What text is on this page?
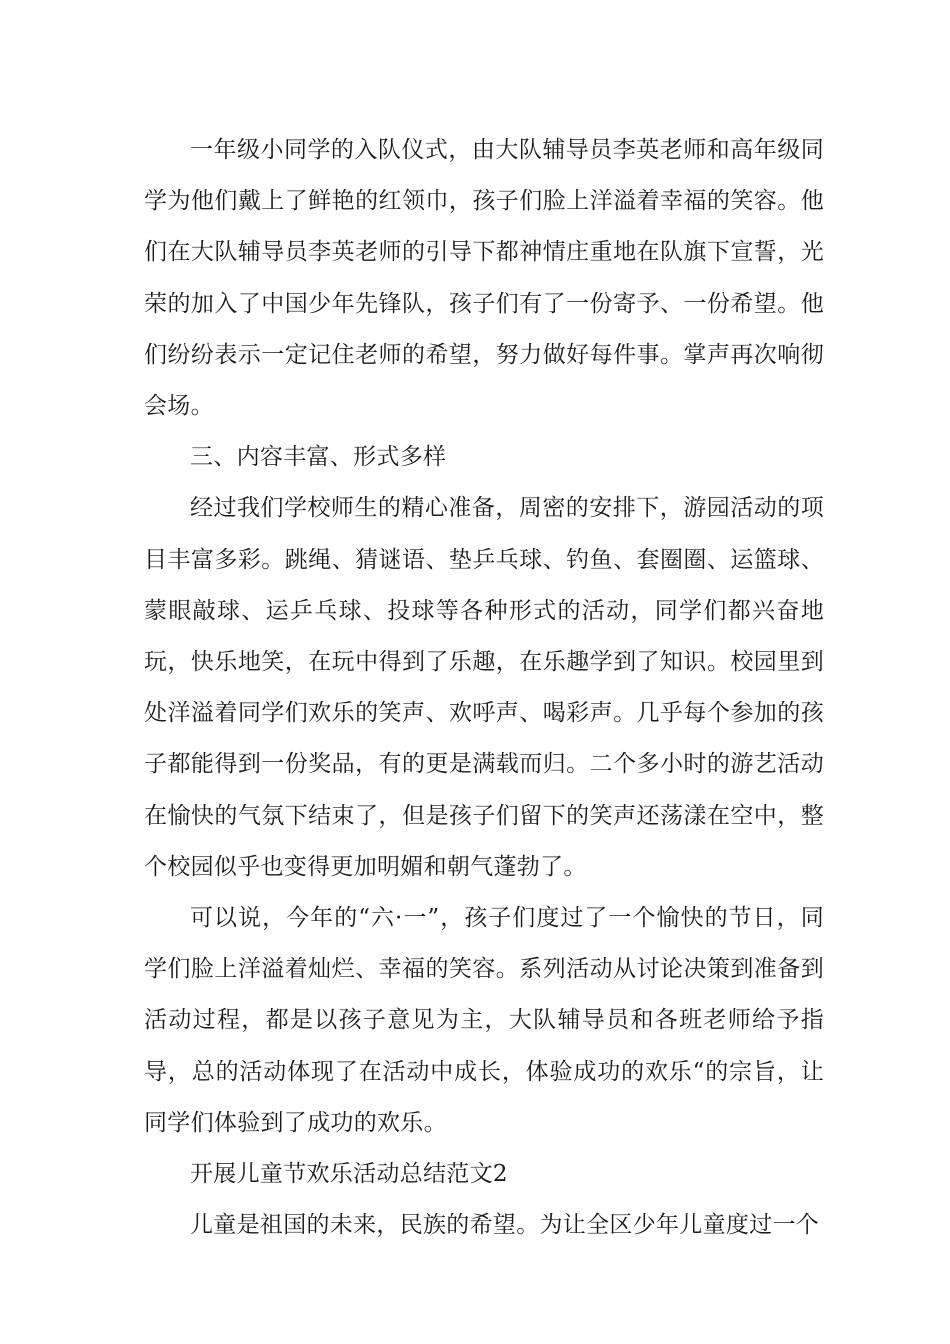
一年级小同学的入队仪式，由大队辅导员李英老师和高年级同学为他们戴上了鲜艳的红领巾，孩子们脸上洋溢着幸福的笑容。他们在大队辅导员李英老师的引导下都神情庄重地在队旗下宣誓，光荣的加入了中国少年先锋队，孩子们有了一份寄予、一份希望。他们纷纷表示一定记住老师的希望，努力做好每件事。掌声再次响彻会场。

三、内容丰富、形式多样

经过我们学校师生的精心准备，周密的安排下，游园活动的项目丰富多彩。跳绳、猜谜语、垫乒乓球、钓鱼、套圈圈、运篮球、蒙眼敲球、运乒乓球、投球等各种形式的活动，同学们都兴奋地玩，快乐地笑，在玩中得到了乐趣，在乐趣学到了知识。校园里到处洋溢着同学们欢乐的笑声、欢呼声、喝彩声。几乎每个参加的孩子都能得到一份奖品，有的更是满载而归。二个多小时的游艺活动在愉快的气氛下结束了，但是孩子们留下的笑声还荡漾在空中，整个校园似乎也变得更加明媚和朝气蓬勃了。

可以说，今年的“六·一”，孩子们度过了一个愉快的节日，同学们脸上洋溢着灿烂、幸福的笑容。系列活动从讨论决策到准备到活动过程，都是以孩子意见为主，大队辅导员和各班老师给予指导，总的活动体现了在活动中成长，体验成功的欢乐“的宗旨，让同学们体验到了成功的欢乐。

开展儿童节欢乐活动总结范文2

儿童是祖国的未来，民族的希望。为让全区少年儿童度过一个
